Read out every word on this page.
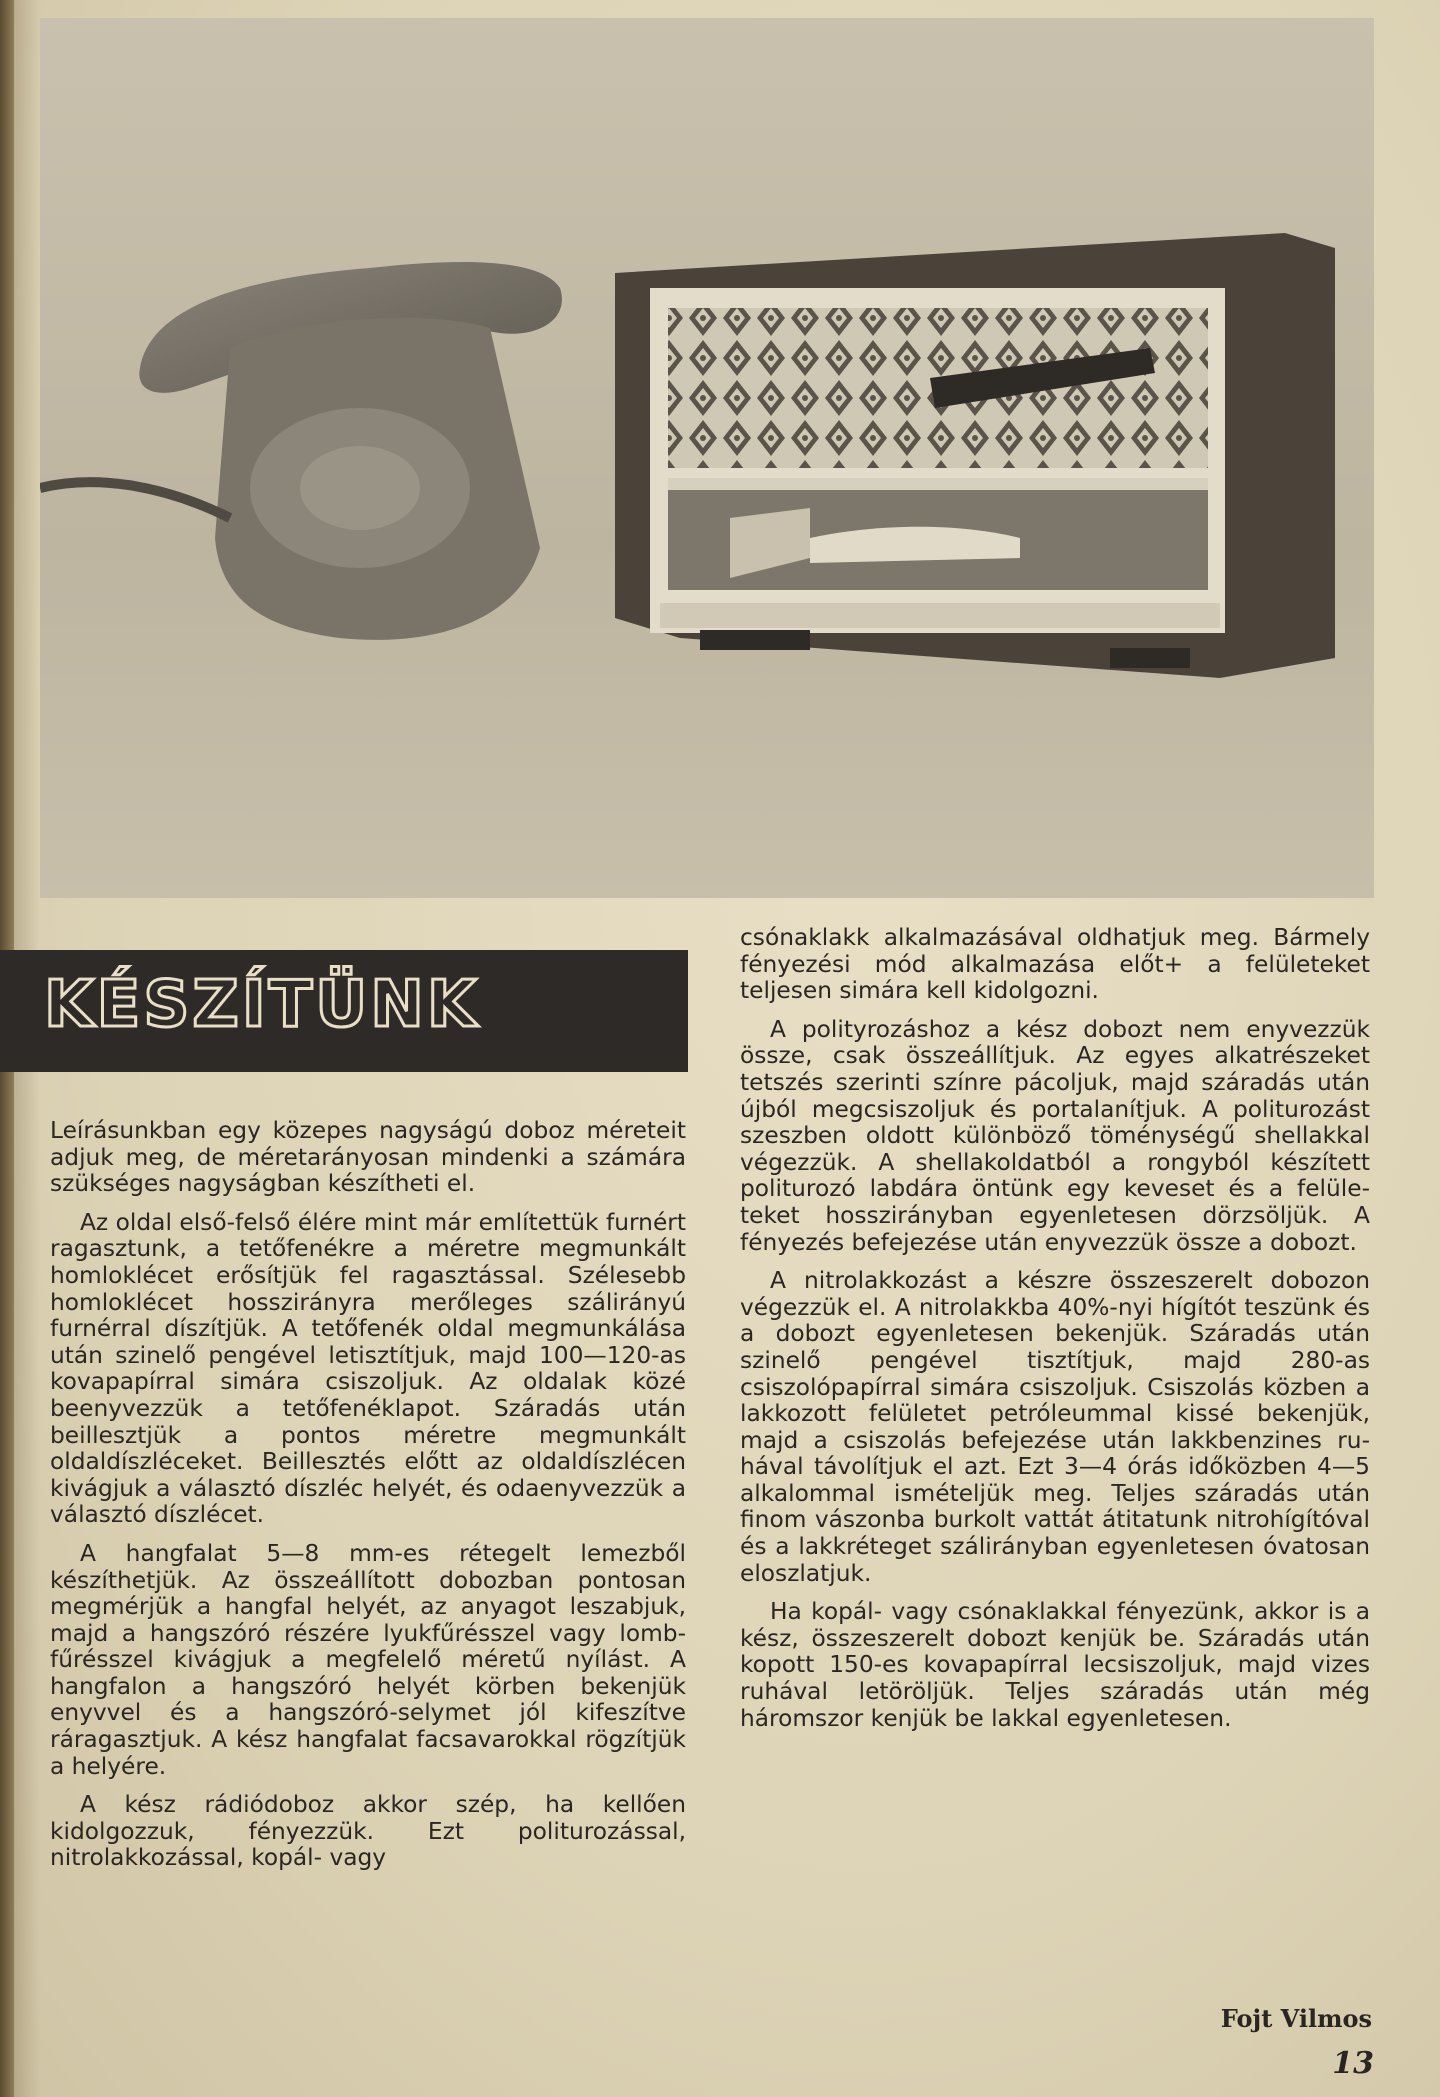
KÉSZÍTÜNK

Leírásunkban egy közepes nagyságú doboz méreteit adjuk meg, de méretarányosan mindenki a számára szükséges nagyságban készítheti el.

Az oldal első-felső élére mint már említettük furnért ragasztunk, a tetőfenékre a méretre megmunkált homloklécet erősítjük fel ragasztással. Szélesebb homloklécet hosszirányra merőleges szálirányú furnérral díszítjük. A tetőfenék oldal megmunkálása után szinelő pengével letisztítjuk, majd 100—120-as kovapapírral simára csiszoljuk. Az oldalak közé beenyvezzük a tetőfenéklapot. Száradás után beillesztjük a pontos méretre megmunkált oldaldíszléceket. Beillesztés előtt az oldaldíszlécen kivágjuk a választó díszléc helyét, és odaenyvezzük a választó díszlécet.

A hangfalat 5—8 mm-es rétegelt lemezből készíthetjük. Az összeállított dobozban pontosan megmérjük a hangfal helyét, az anyagot leszabjuk, majd a hangszóró részére lyukfűrésszel vagy lombfűrésszel kivágjuk a megfelelő méretű nyílást. A hangfalon a hangszóró helyét körben bekenjük enyvvel és a hangszóró-selymet jól kifeszítve ráragasztjuk. A kész hangfalat facsavarokkal rögzítjük a helyére.

A kész rádiódoboz akkor szép, ha kellően kidolgozzuk, fényezzük. Ezt politurozással, nitrolakkozással, kopál- vagy

csónaklakk alkalmazásával oldhatjuk meg. Bármely fényezési mód alkalmazása előt+ a felületeket teljesen simára kell kidolgozni.

A polityrozáshoz a kész dobozt nem enyvezzük össze, csak összeállítjuk. Az egyes alkatrészeket tetszés szerinti színre pácoljuk, majd száradás után újból megcsiszoljuk és portalanítjuk. A politurozást szeszben oldott különböző töménységű shellakkal végezzük. A shellakoldatból a rongyból készített politurozó labdára öntünk egy keveset és a felületeket hosszirányban egyenletesen dörzsöljük. A fényezés befejezése után enyvezzük össze a dobozt.

A nitrolakkozást a készre összeszerelt dobozon végezzük el. A nitrolakkba 40%-nyi hígítót teszünk és a dobozt egyenletesen bekenjük. Száradás után szinelő pengével tisztítjuk, majd 280-as csiszolópapírral simára csiszoljuk. Csiszolás közben a lakkozott felületet petróleummal kissé bekenjük, majd a csiszolás befejezése után lakkbenzines ruhával távolítjuk el azt. Ezt 3—4 órás időközben 4—5 alkalommal ismételjük meg. Teljes száradás után finom vászonba burkolt vattát átitatunk nitrohígítóval és a lakkréteget szálirányban egyenletesen óvatosan eloszlatjuk.

Ha kopál- vagy csónaklakkal fényezünk, akkor is a kész, összeszerelt dobozt kenjük be. Száradás után kopott 150-es kovapapírral lecsiszoljuk, majd vizes ruhával letöröljük. Teljes száradás után még háromszor kenjük be lakkal egyenletesen.

Fojt Vilmos
13
